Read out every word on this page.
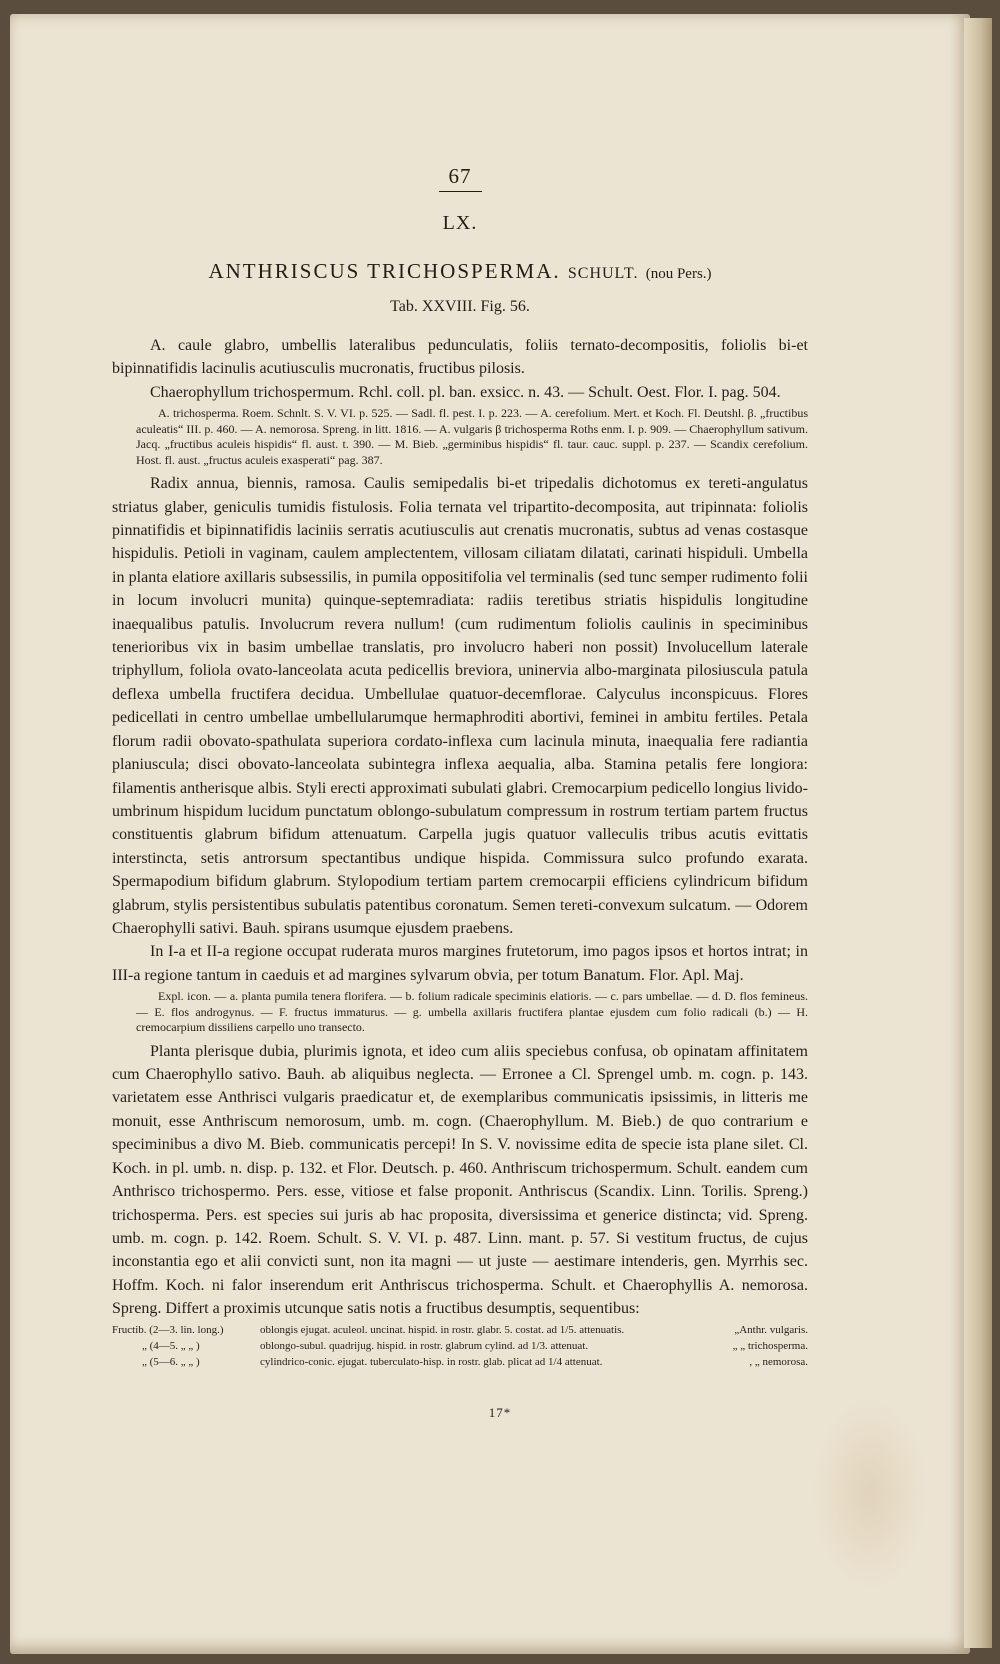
67
LX.
ANTHRISCUS TRICHOSPERMA. SCHULT. (nou Pers.)
Tab. XXVIII. Fig. 56.

A. caule glabro, umbellis lateralibus pedunculatis, foliis ternato-decompositis, foliolis bi-et bipinnatifidis lacinulis acutiusculis mucronatis, fructibus pilosis.

Chaerophyllum trichospermum. Rchl. coll. pl. ban. exsicc. n. 43. — Schult. Oest. Flor. I. pag. 504.

A. trichosperma. Roem. Schnlt. S. V. VI. p. 525. — Sadl. fl. pest. I. p. 223. — A. cerefolium. Mert. et Koch. Fl. Deutshl. β. „fructibus aculeatis“ III. p. 460. — A. nemorosa. Spreng. in litt. 1816. — A. vulgaris β trichosperma Roths enm. I. p. 909. — Chaerophyllum sativum. Jacq. „fructibus aculeis hispidis“ fl. aust. t. 390. — M. Bieb. „germinibus hispidis“ fl. taur. cauc. suppl. p. 237. — Scandix cerefolium. Host. fl. aust. „fructus aculeis exasperati“ pag. 387.

Radix annua, biennis, ramosa. Caulis semipedalis bi-et tripedalis dichotomus ex tereti-angulatus striatus glaber, geniculis tumidis fistulosis. Folia ternata vel tripartito-decomposita, aut tripinnata: foliolis pinnatifidis et bipinnatifidis laciniis serratis acutiusculis aut crenatis mucronatis, subtus ad venas costasque hispidulis. Petioli in vaginam, caulem amplectentem, villosam ciliatam dilatati, carinati hispiduli. Umbella in planta elatiore axillaris subsessilis, in pumila oppositifolia vel terminalis (sed tunc semper rudimento folii in locum involucri munita) quinque-septemradiata: radiis teretibus striatis hispidulis longitudine inaequalibus patulis. Involucrum revera nullum! (cum rudimentum foliolis caulinis in speciminibus tenerioribus vix in basim umbellae translatis, pro involucro haberi non possit) Involucellum laterale triphyllum, foliola ovato-lanceolata acuta pedicellis breviora, uninervia albo-marginata pilosiuscula patula deflexa umbella fructifera decidua. Umbellulae quatuor-decemflorae. Calyculus inconspicuus. Flores pedicellati in centro umbellae umbellularumque hermaphroditi abortivi, feminei in ambitu fertiles. Petala florum radii obovato-spathulata superiora cordato-inflexa cum lacinula minuta, inaequalia fere radiantia planiuscula; disci obovato-lanceolata subintegra inflexa aequalia, alba. Stamina petalis fere longiora: filamentis antherisque albis. Styli erecti approximati subulati glabri. Cremocarpium pedicello longius livido-umbrinum hispidum lucidum punctatum oblongo-subulatum compressum in rostrum tertiam partem fructus constituentis glabrum bifidum attenuatum. Carpella jugis quatuor valleculis tribus acutis evittatis interstincta, setis antrorsum spectantibus undique hispida. Commissura sulco profundo exarata. Spermapodium bifidum glabrum. Stylopodium tertiam partem cremocarpii efficiens cylindricum bifidum glabrum, stylis persistentibus subulatis patentibus coronatum. Semen tereti-convexum sulcatum. — Odorem Chaerophylli sativi. Bauh. spirans usumque ejusdem praebens.

In I-a et II-a regione occupat ruderata muros margines frutetorum, imo pagos ipsos et hortos intrat; in III-a regione tantum in caeduis et ad margines sylvarum obvia, per totum Banatum. Flor. Apl. Maj.

Expl. icon. — a. planta pumila tenera florifera. — b. folium radicale speciminis elatioris. — c. pars umbellae. — d. D. flos femineus. — E. flos androgynus. — F. fructus immaturus. — g. umbella axillaris fructifera plantae ejusdem cum folio radicali (b.) — H. cremocarpium dissiliens carpello uno transecto.

Planta plerisque dubia, plurimis ignota, et ideo cum aliis speciebus confusa, ob opinatam affinitatem cum Chaerophyllo sativo. Bauh. ab aliquibus neglecta. — Erronee a Cl. Sprengel umb. m. cogn. p. 143. varietatem esse Anthrisci vulgaris praedicatur et, de exemplaribus communicatis ipsissimis, in litteris me monuit, esse Anthriscum nemorosum, umb. m. cogn. (Chaerophyllum. M. Bieb.) de quo contrarium e speciminibus a divo M. Bieb. communicatis percepi! In S. V. novissime edita de specie ista plane silet. Cl. Koch. in pl. umb. n. disp. p. 132. et Flor. Deutsch. p. 460. Anthriscum trichospermum. Schult. eandem cum Anthrisco trichospermo. Pers. esse, vitiose et false proponit. Anthriscus (Scandix. Linn. Torilis. Spreng.) trichosperma. Pers. est species sui juris ab hac proposita, diversissima et generice distincta; vid. Spreng. umb. m. cogn. p. 142. Roem. Schult. S. V. VI. p. 487. Linn. mant. p. 57. Si vestitum fructus, de cujus inconstantia ego et alii convicti sunt, non ita magni — ut juste — aestimare intenderis, gen. Myrrhis sec. Hoffm. Koch. ni falor inserendum erit Anthriscus trichosperma. Schult. et Chaerophyllis A. nemorosa. Spreng. Differt a proximis utcunque satis notis a fructibus desumptis, sequentibus:

Fructib. (2—3. lin. long.)	oblongis ejugat. aculeol. uncinat. hispid. in rostr. glabr. 5. costat. ad 1/5. attenuatis.	„Anthr. vulgaris.
„ (4—5. „ „ )	oblongo-subul. quadrijug. hispid. in rostr. glabrum cylind. ad 1/3. attenuat.	„ „ trichosperma.
„ (5—6. „ „ )	cylindrico-conic. ejugat. tuberculato-hisp. in rostr. glab. plicat ad 1/4 attenuat.	, „ nemorosa.
17*
